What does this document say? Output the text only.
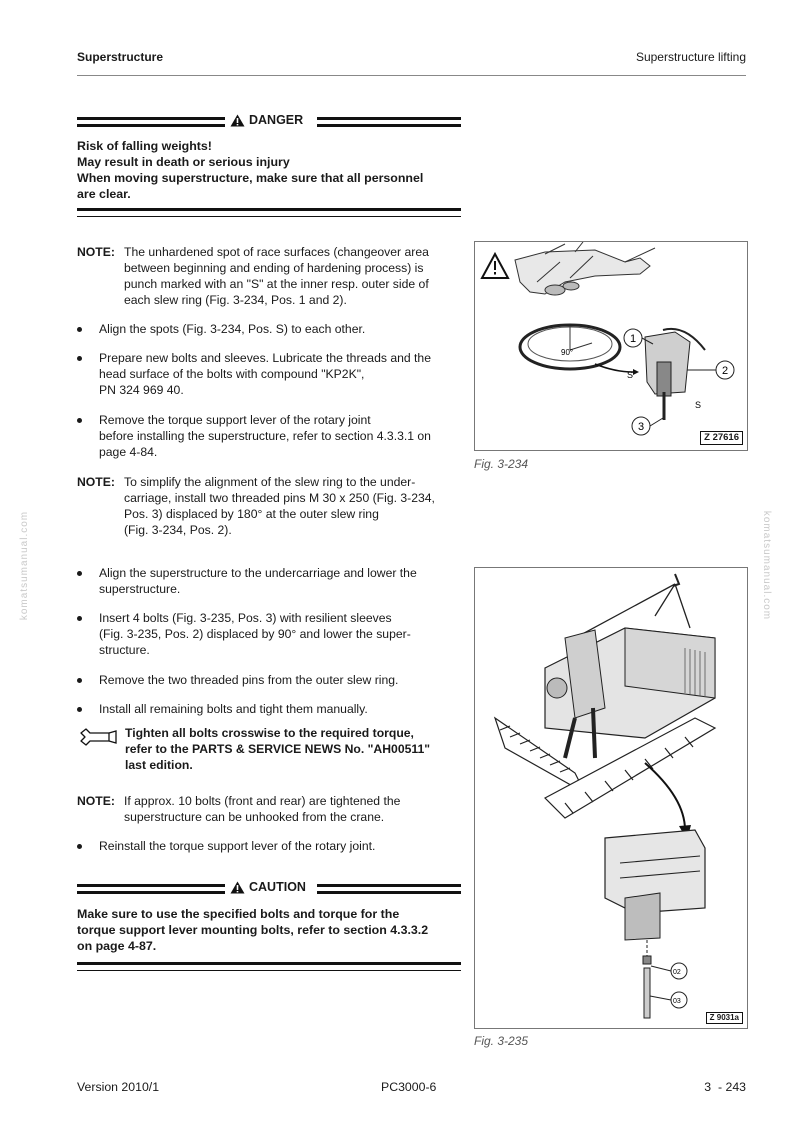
Superstructure	Superstructure lifting
DANGER
Risk of falling weights!
May result in death or serious injury
When moving superstructure, make sure that all personnel
are clear.
NOTE: The unhardened spot of race surfaces (changeover area
between beginning and ending of hardening process) is
punch marked with an "S" at the inner resp. outer side of
each slew ring (Fig. 3-234, Pos. 1 and 2).
Align the spots (Fig. 3-234, Pos. S) to each other.
Prepare new bolts and sleeves. Lubricate the threads and the
head surface of the bolts with compound "KP2K",
PN 324 969 40.
Remove the torque support lever of the rotary joint
before installing the superstructure, refer to section 4.3.3.1 on
page 4-84.
NOTE: To simplify the alignment of the slew ring to the under-
carriage, install two threaded pins M 30 x 250 (Fig. 3-234,
Pos. 3) displaced by 180° at the outer slew ring
(Fig. 3-234, Pos. 2).
Align the superstructure to the undercarriage and lower the
superstructure.
Insert 4 bolts (Fig. 3-235, Pos. 3) with resilient sleeves
(Fig. 3-235, Pos. 2) displaced by 90° and lower the super-
structure.
Remove the two threaded pins from the outer slew ring.
Install all remaining bolts and tight them manually.
Tighten all bolts crosswise to the required torque,
refer to the PARTS & SERVICE NEWS No. "AH00511"
last edition.
NOTE: If approx. 10 bolts (front and rear) are tightened the
superstructure can be unhooked from the crane.
Reinstall the torque support lever of the rotary joint.
CAUTION
Make sure to use the specified bolts and torque for the
torque support lever mounting bolts, refer to section 4.3.3.2
on page 4-87.
90°
1
2
3
S
S
Z 27616
Fig. 3-234
02
03
Z 9031a
Fig. 3-235
komatsumanual.com	komatsumanual.com
Version 2010/1	PC3000-6	3  - 243
